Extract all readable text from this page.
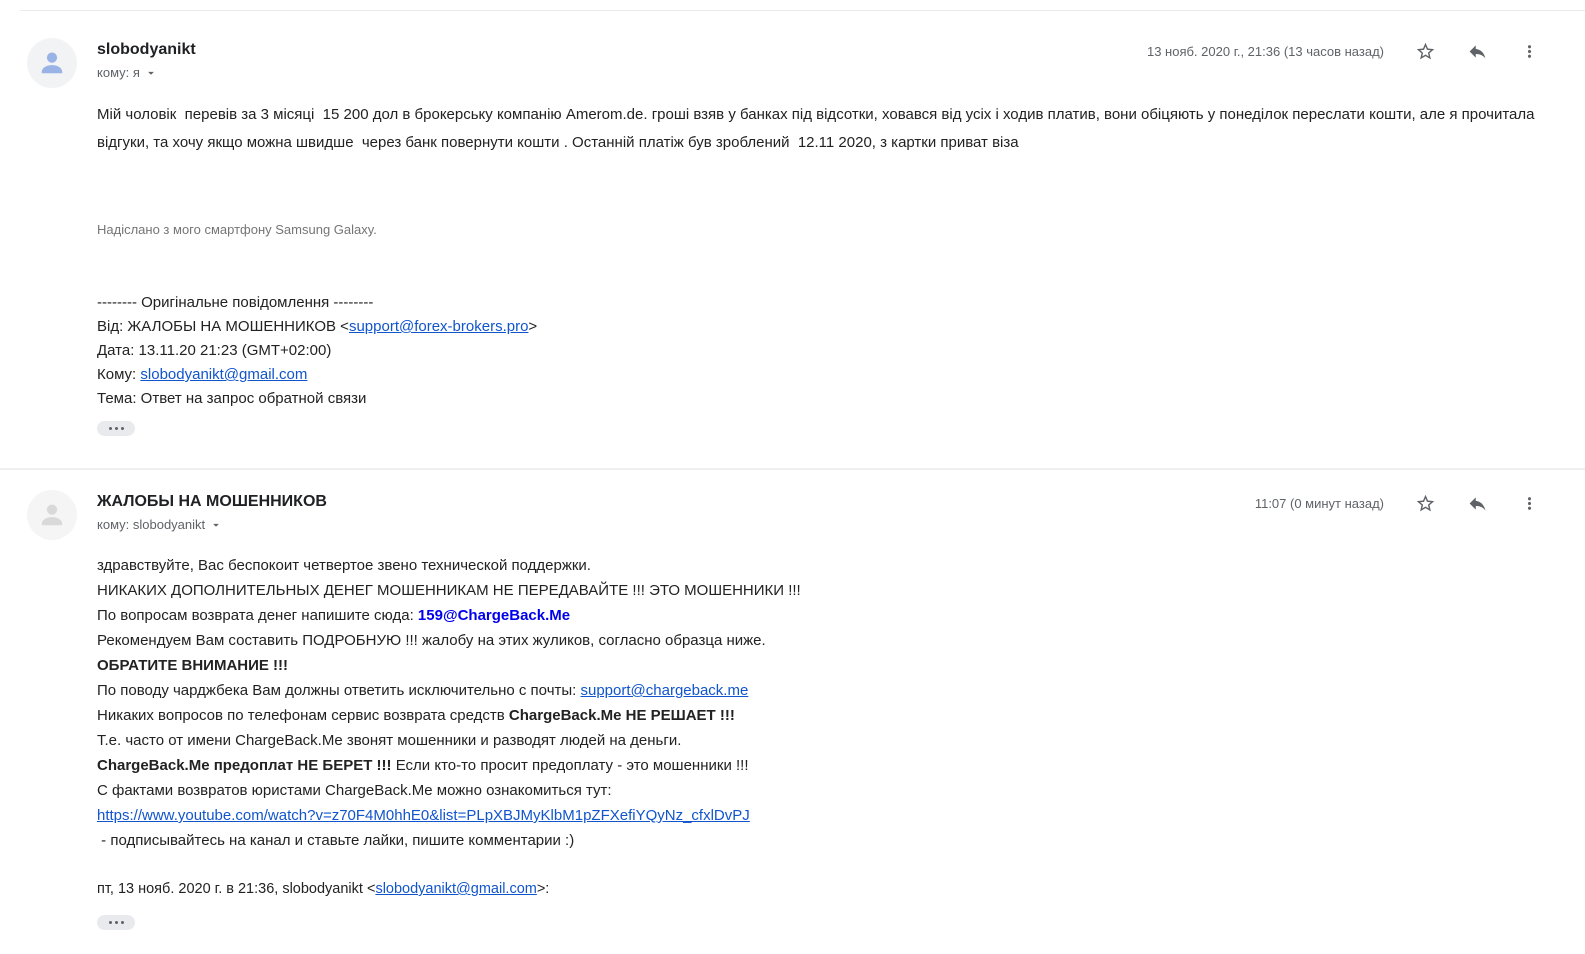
slobodyanikt
кому: я
13 нояб. 2020 г., 21:36 (13 часов назад)
Мій чоловік  перевів за 3 місяці  15 200 дол в брокерську компанію Amerom.de. гроші взяв у банках під відсотки, ховався від усіх і ходив платив, вони обіцяють у понеділок переслати кошти, але я прочитала відгуки, та хочу якщо можна швидше  через банк повернути кошти . Останній платіж був зроблений  12.11 2020, з картки приват віза
Надіслано з мого смартфону Samsung Galaxy.
-------- Оригінальне повідомлення --------
Від: ЖАЛОБЫ НА МОШЕННИКОВ <support@forex-brokers.pro>
Дата: 13.11.20 21:23 (GMT+02:00)
Кому: slobodyanikt@gmail.com
Тема: Ответ на запрос обратной связи
ЖАЛОБЫ НА МОШЕННИКОВ
кому: slobodyanikt
11:07 (0 минут назад)
здравствуйте, Вас беспокоит четвертое звено технической поддержки.
НИКАКИХ ДОПОЛНИТЕЛЬНЫХ ДЕНЕГ МОШЕННИКАМ НЕ ПЕРЕДАВАЙТЕ !!! ЭТО МОШЕННИКИ !!!
По вопросам возврата денег напишите сюда: 159@ChargeBack.Me
Рекомендуем Вам составить ПОДРОБНУЮ !!! жалобу на этих жуликов, согласно образца ниже.
ОБРАТИТЕ ВНИМАНИЕ !!!
По поводу чарджбека Вам должны ответить исключительно с почты: support@chargeback.me
Никаких вопросов по телефонам сервис возврата средств ChargeBack.Me НЕ РЕШАЕТ !!!
Т.е. часто от имени ChargeBack.Me звонят мошенники и разводят людей на деньги.
ChargeBack.Me предоплат НЕ БЕРЕТ !!! Если кто-то просит предоплату - это мошенники !!!
С фактами возвратов юристами ChargeBack.Me можно ознакомиться тут:
https://www.youtube.com/watch?v=z70F4M0hhE0&list=PLpXBJMyKlbM1pZFXefiYQyNz_cfxlDvPJ
- подписывайтесь на канал и ставьте лайки, пишите комментарии :)
пт, 13 нояб. 2020 г. в 21:36, slobodyanikt <slobodyanikt@gmail.com>:
